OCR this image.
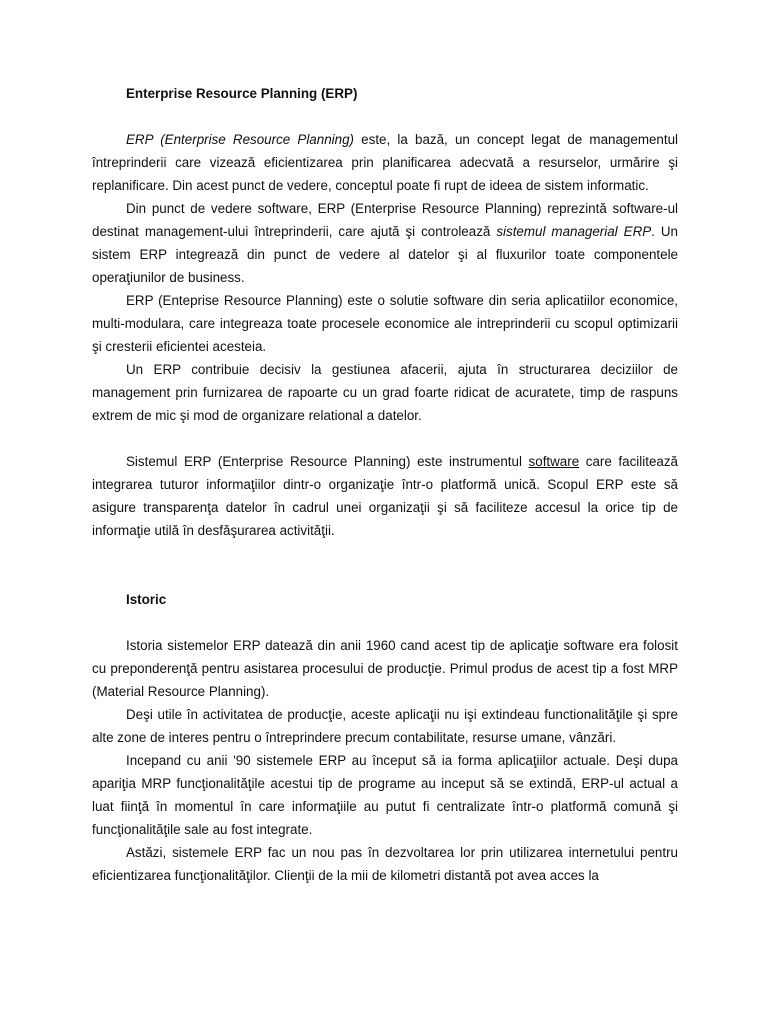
Enterprise Resource Planning (ERP)

ERP (Enterprise Resource Planning) este, la bază, un concept legat de managementul întreprinderii care vizează eficientizarea prin planificarea adecvată a resurselor, urmărire şi replanificare. Din acest punct de vedere, conceptul poate fi rupt de ideea de sistem informatic.

Din punct de vedere software, ERP (Enterprise Resource Planning) reprezintă software-ul destinat management-ului întreprinderii, care ajută şi controlează sistemul managerial ERP. Un sistem ERP integrează din punct de vedere al datelor şi al fluxurilor toate componentele operaţiunilor de business.

ERP (Enteprise Resource Planning) este o solutie software din seria aplicatiilor economice, multi-modulara, care integreaza toate procesele economice ale intreprinderii cu scopul optimizarii şi cresterii eficientei acesteia.

Un ERP contribuie decisiv la gestiunea afacerii, ajuta în structurarea deciziilor de management prin furnizarea de rapoarte cu un grad foarte ridicat de acuratete, timp de raspuns extrem de mic şi mod de organizare relational a datelor.

Sistemul ERP (Enterprise Resource Planning) este instrumentul software care facilitează integrarea tuturor informaţiilor dintr-o organizaţie într-o platformă unică. Scopul ERP este să asigure transparenţa datelor în cadrul unei organizaţii şi să faciliteze accesul la orice tip de informaţie utilă în desfăşurarea activităţii.

Istoric

Istoria sistemelor ERP datează din anii 1960 cand acest tip de aplicaţie software era folosit cu preponderenţă pentru asistarea procesului de producţie. Primul produs de acest tip a fost MRP (Material Resource Planning).

Deşi utile în activitatea de producţie, aceste aplicaţii nu işi extindeau functionalităţile şi spre alte zone de interes pentru o întreprindere precum contabilitate, resurse umane, vânzări.

Incepand cu anii '90 sistemele ERP au început să ia forma aplicaţiilor actuale. Deşi dupa apariţia MRP funcţionalităţile acestui tip de programe au inceput să se extindă, ERP-ul actual a luat fiinţă în momentul în care informaţiile au putut fi centralizate într-o platformă comună şi funcţionalităţile sale au fost integrate.

Astăzi, sistemele ERP fac un nou pas în dezvoltarea lor prin utilizarea internetului pentru eficientizarea funcţionalităţilor. Clienţii de la mii de kilometri distantă pot avea acces la
